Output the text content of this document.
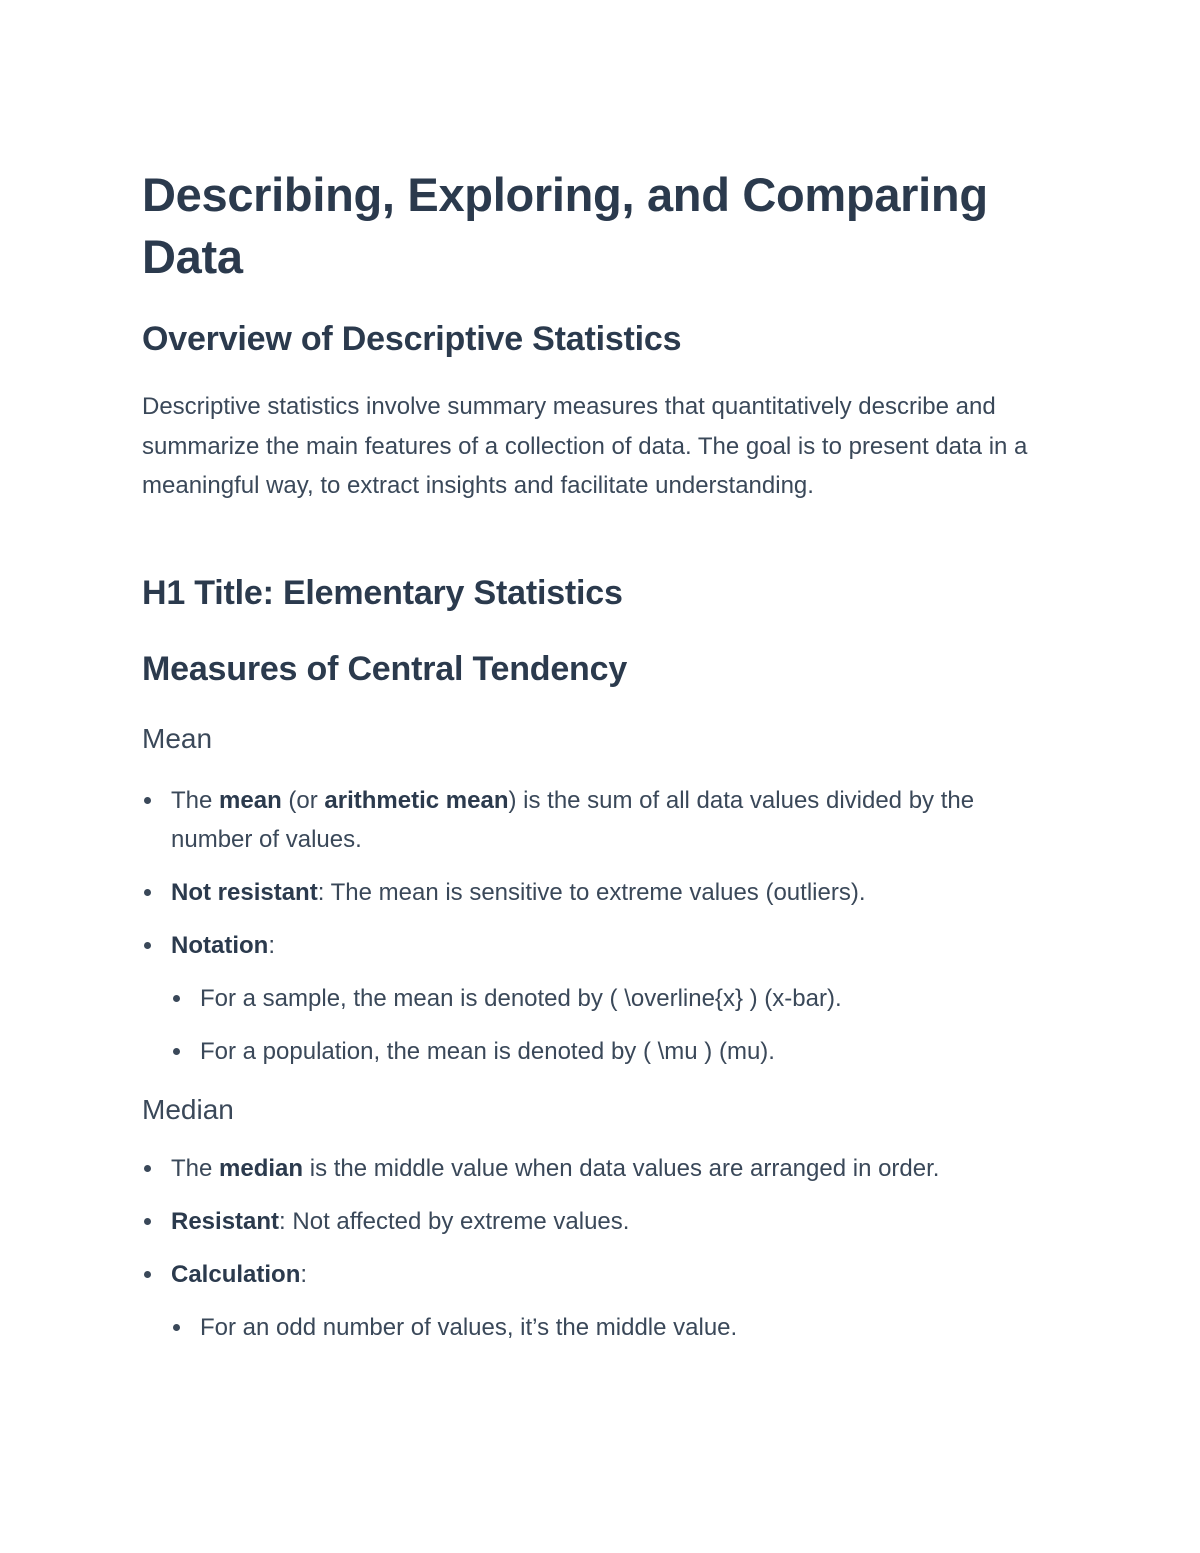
Describing, Exploring, and Comparing Data
Overview of Descriptive Statistics

Descriptive statistics involve summary measures that quantitatively describe and summarize the main features of a collection of data. The goal is to present data in a meaningful way, to extract insights and facilitate understanding.

H1 Title: Elementary Statistics
Measures of Central Tendency
Mean
The mean (or arithmetic mean) is the sum of all data values divided by the number of values.
Not resistant: The mean is sensitive to extreme values (outliers).
Notation:
For a sample, the mean is denoted by ( \overline{x} ) (x-bar).
For a population, the mean is denoted by ( \mu ) (mu).
Median
The median is the middle value when data values are arranged in order.
Resistant: Not affected by extreme values.
Calculation:
For an odd number of values, it’s the middle value.
